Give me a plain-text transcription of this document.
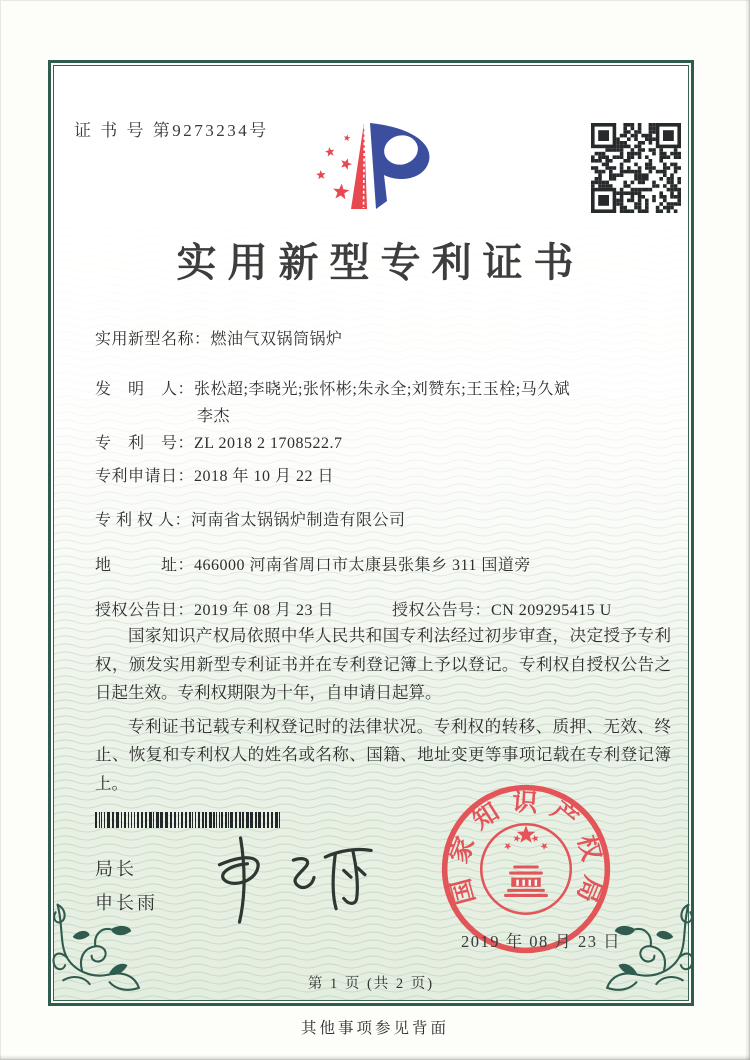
证 书 号 第9273234号
实用新型专利证书
实用新型名称：燃油气双锅筒锅炉
发　明　人：张松超;李晓光;张怀彬;朱永全;刘赞东;王玉栓;马久斌
李杰
专　利　号：ZL 2018 2 1708522.7
专利申请日：2018 年 10 月 22 日
专 利 权 人：河南省太锅锅炉制造有限公司
地　　　址：466000 河南省周口市太康县张集乡 311 国道旁
授权公告日：2019 年 08 月 23 日	授权公告号：CN 209295415 U

国家知识产权局依照中华人民共和国专利法经过初步审查，决定授予专利权，颁发实用新型专利证书并在专利登记簿上予以登记。专利权自授权公告之日起生效。专利权期限为十年，自申请日起算。

专利证书记载专利权登记时的法律状况。专利权的转移、质押、无效、终止、恢复和专利权人的姓名或名称、国籍、地址变更等事项记载在专利登记簿上。

局长
申长雨	国家知识产权局
2019 年 08 月 23 日
第 1 页 (共 2 页)
其他事项参见背面
